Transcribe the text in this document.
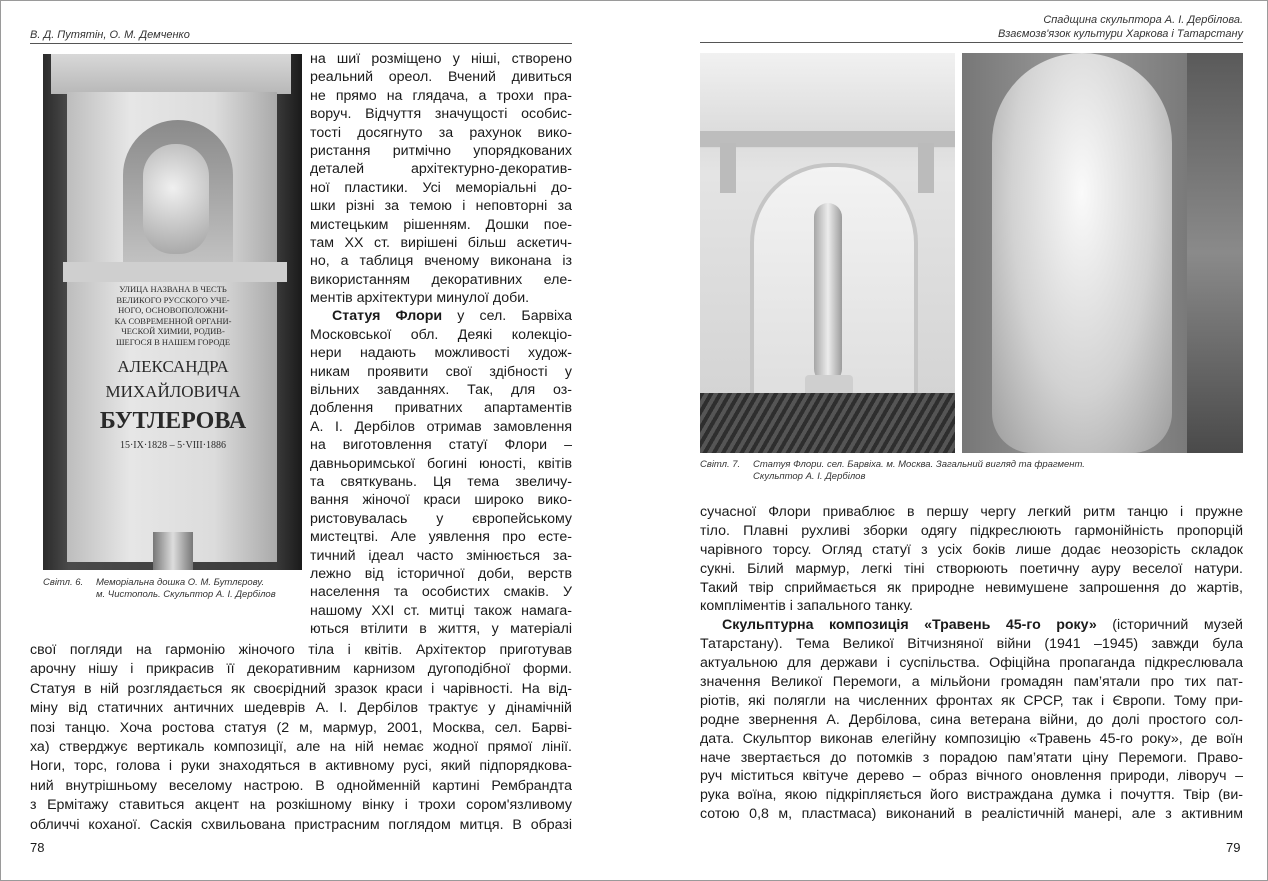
В. Д. Путятін, О. М. Демченко
УЛИЦА НАЗВАНА В ЧЕСТЬ
ВЕЛИКОГО РУССКОГО УЧЕ-
НОГО, ОСНОВОПОЛОЖНИ-
КА СОВРЕМЕННОЙ ОРГАНИ-
ЧЕСКОЙ ХИМИИ, РОДИВ-
ШЕГОСЯ В НАШЕМ ГОРОДЕ
АЛЕКСАНДРА
МИХАЙЛОВИЧА
БУТЛЕРОВА
15·IX·1828 – 5·VIII·1886
Світл. 6. Меморіальна дошка О. М. Бутлєрову.
м. Чистополь. Скульптор А. І. Дербілов
на шиї розміщено у ніші, створено
реальний ореол. Вчений дивиться
не прямо на глядача, а трохи пра-
воруч. Відчуття значущості особис-
тості досягнуто за рахунок вико-
ристання ритмічно упорядкованих
деталей архітектурно-декоратив-
ної пластики. Усі меморіальні до-
шки різні за темою і неповторні за
мистецьким рішенням. Дошки пое-
там ХХ ст. вирішені більш аскетич-
но, а таблиця вченому виконана із
використанням декоративних еле-
ментів архітектури минулої доби.
Статуя Флори у сел. Барвіха
Московської обл. Деякі колекціо-
нери надають можливості худож-
никам проявити свої здібності у
вільних завданнях. Так, для оз-
доблення приватних апартаментів
А. І. Дербілов отримав замовлення
на виготовлення статуї Флори –
давньоримської богині юності, квітів
та святкувань. Ця тема звеличу-
вання жіночої краси широко вико-
ристовувалась у європейському
мистецтві. Але уявлення про есте-
тичний ідеал часто змінюється за-
лежно від історичної доби, верств
населення та особистих смаків. У
нашому XXI ст. митці також намага-
ються втілити в життя, у матеріалі
свої погляди на гармонію жіночого тіла і квітів. Архітектор приготував
арочну нішу і прикрасив її декоративним карнизом дугоподібної форми.
Статуя в ній розглядається як своєрідний зразок краси і чарівності. На від-
міну від статичних античних шедеврів А. І. Дербілов трактує у дінамічній
позі танцю. Хоча ростова статуя (2 м, мармур, 2001, Москва, сел. Барві-
ха) стверджує вертикаль композиції, але на ній немає жодної прямої лінії.
Ноги, торс, голова і руки знаходяться в активному русі, який підпорядкова-
ний внутрішньому веселому настрою. В однойменній картині Рембрандта
з Ермітажу ставиться акцент на розкішному вінку і трохи сором'язливому
обличчі коханої. Саскія схвильована пристрасним поглядом митця. В образі
78
Спадщина скульптора А. І. Дербілова.
Взаємозв'язок культури Харкова і Татарстану
Світл. 7. Статуя Флори. сел. Барвіха. м. Москва. Загальний вигляд та фрагмент.
Скульптор А. І. Дербілов
сучасної Флори приваблює в першу чергу легкий ритм танцю і пружне
тіло. Плавні рухливі зборки одягу підкреслюють гармонійність пропорцій
чарівного торсу. Огляд статуї з усіх боків лише додає неозорість складок
сукні. Білий мармур, легкі тіні створюють поетичну ауру веселої натури.
Такий твір сприймається як природне невимушене запрошення до жартів,
компліментів і запального танку.
Скульптурна композиція «Травень 45-го року» (історичний музей
Татарстану). Тема Великої Вітчизняної війни (1941 –1945) завжди була
актуальною для держави і суспільства. Офіційна пропаганда підкреслювала
значення Великої Перемоги, а мільйони громадян пам’ятали про тих пат-
ріотів, які полягли на численних фронтах як СРСР, так і Європи. Тому при-
родне звернення А. Дербілова, сина ветерана війни, до долі простого сол-
дата. Скульптор виконав елегійну композицію «Травень 45-го року», де воїн
наче звертається до потомків з порадою пам’ятати ціну Перемоги. Право-
руч міститься квітуче дерево – образ вічного оновлення природи, ліворуч –
рука воїна, якою підкріпляється його вистраждана думка і почуття. Твір (ви-
сотою 0,8 м, пластмаса) виконаний в реалістичній манері, але з активним
79
